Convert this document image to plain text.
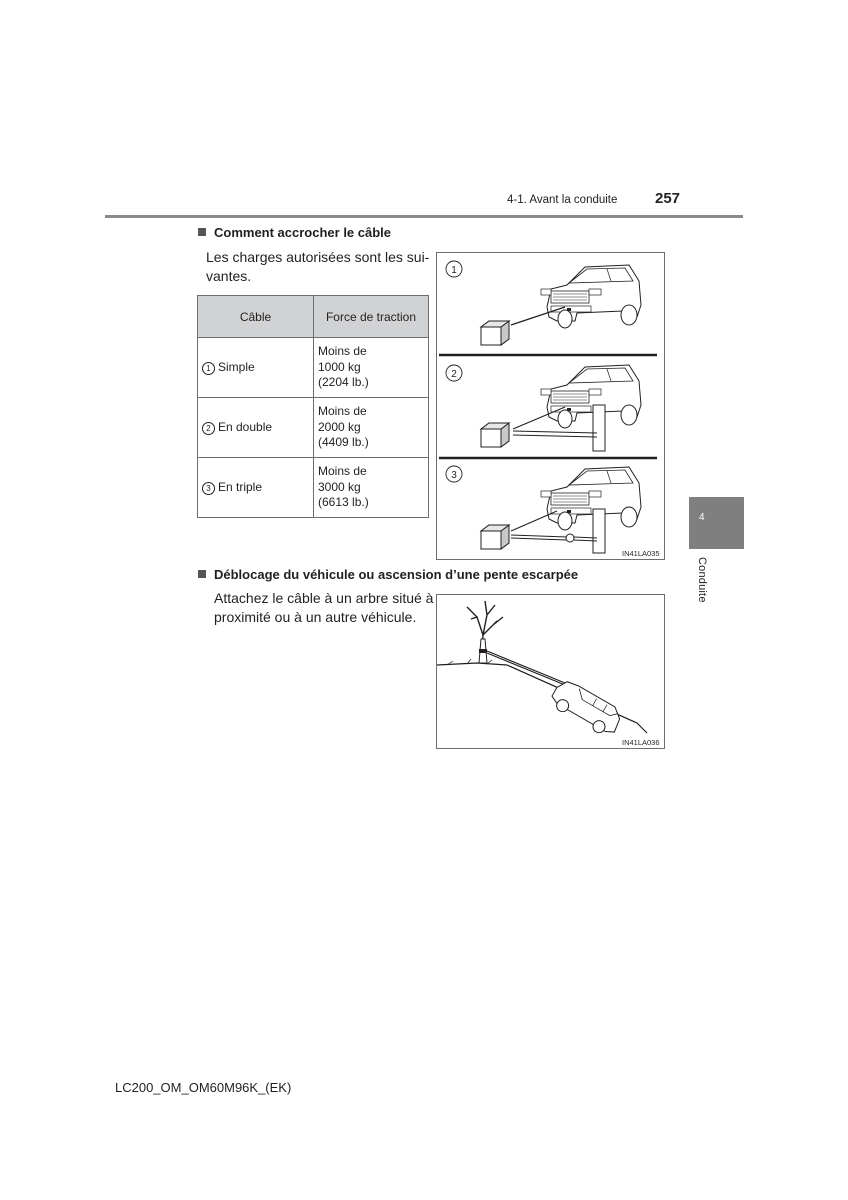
4-1. Avant la conduite	257
4
Conduite
Comment accrocher le câble
Les charges autorisées sont les sui-
vantes.
Câble	Force de traction
1 Simple	Moins de
1000 kg
(2204 lb.)

2 En double	Moins de
2000 kg
(4409 lb.)

3 En triple	Moins de
3000 kg
(6613 lb.)
1
2
3
IN41LA035
Déblocage du véhicule ou ascension d’une pente escarpée
Attachez le câble à un arbre situé à
proximité ou à un autre véhicule.
IN41LA036
LC200_OM_OM60M96K_(EK)
